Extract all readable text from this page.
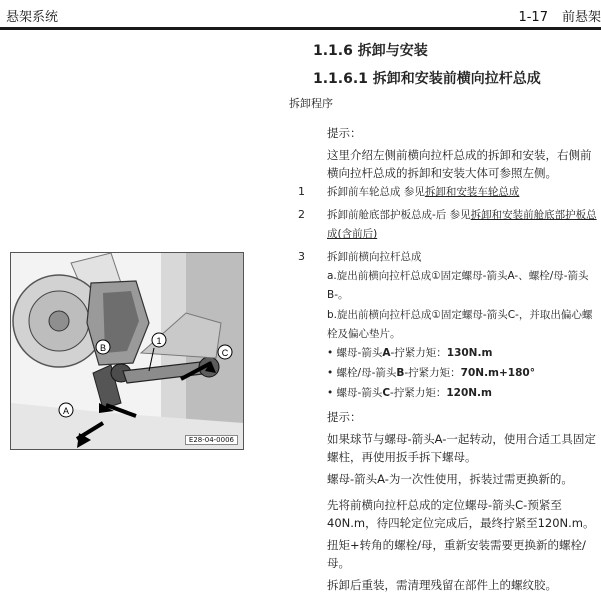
悬架系统	1-17 前悬架
1.1.6 拆卸与安装
1.1.6.1 拆卸和安装前横向拉杆总成
拆卸程序
提示：
这里介绍左侧前横向拉杆总成的拆卸和安装，右侧前横向拉杆总成的拆卸和安装大体可参照左侧。
1 拆卸前车轮总成 参见拆卸和安装车轮总成
2 拆卸前舱底部护板总成-后 参见拆卸和安装前舱底部护板总成(含前后)
3 拆卸前横向拉杆总成
a.旋出前横向拉杆总成①固定螺母-箭头A-、螺栓/母-箭头B-。
b.旋出前横向拉杆总成①固定螺母-箭头C-，并取出偏心螺栓及偏心垫片。
• 螺母-箭头A-拧紧力矩：130N.m
• 螺栓/母-箭头B-拧紧力矩：70N.m+180°
• 螺母-箭头C-拧紧力矩：120N.m
提示：
如果球节与螺母-箭头A-一起转动，使用合适工具固定螺柱，再使用扳手拆下螺母。
螺母-箭头A-为一次性使用，拆装过需更换新的。
先将前横向拉杆总成的定位螺母-箭头C-预紧至40N.m，待四轮定位完成后，最终拧紧至120N.m。
扭矩+转角的螺栓/母，重新安装需要更换新的螺栓/母。
拆卸后重装，需清理残留在部件上的螺纹胶。
A
B	C
1
E28-04-0006
